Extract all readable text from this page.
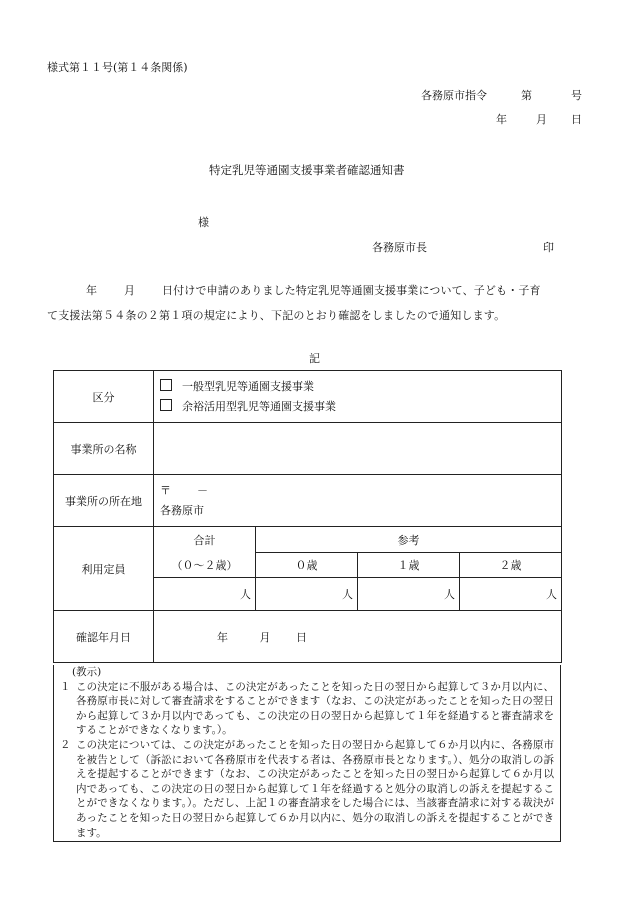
様式第１１号(第１４条関係)
各務原市指令	第	号
年	月 日
特定乳児等通園支援事業者確認通知書
様
各務原市長	印
年 月 日付けで申請のありました特定乳児等通園支援事業について、子ども・子育
て支援法第５４条の２第１項の規定により、下記のとおり確認をしましたので通知します。
記
区分	一般型乳児等通園支援事業
余裕活用型乳児等通園支援事業			

事業所の名称				
事業所の所在地	〒 －
各務原市			

利用定員	合計	参考		
	（０～２歳）	０歳	１歳	２歳
	人	人	人	人
確認年月日	年 月 日			
(教示)
１ この決定に不服がある場合は、この決定があったことを知った日の翌日から起算して３か月以内に、各務原市長に対して審査請求をすることができます（なお、この決定があったことを知った日の翌日から起算して３か月以内であっても、この決定の日の翌日から起算して１年を経過すると審査請求をすることができなくなります。）。
２ この決定については、この決定があったことを知った日の翌日から起算して６か月以内に、各務原市を被告として（訴訟において各務原市を代表する者は、各務原市長となります。）、処分の取消しの訴えを提起することができます（なお、この決定があったことを知った日の翌日から起算して６か月以内であっても、この決定の日の翌日から起算して１年を経過すると処分の取消しの訴えを提起することができなくなります。）。ただし、上記１の審査請求をした場合には、当該審査請求に対する裁決があったことを知った日の翌日から起算して６か月以内に、処分の取消しの訴えを提起することができます。
